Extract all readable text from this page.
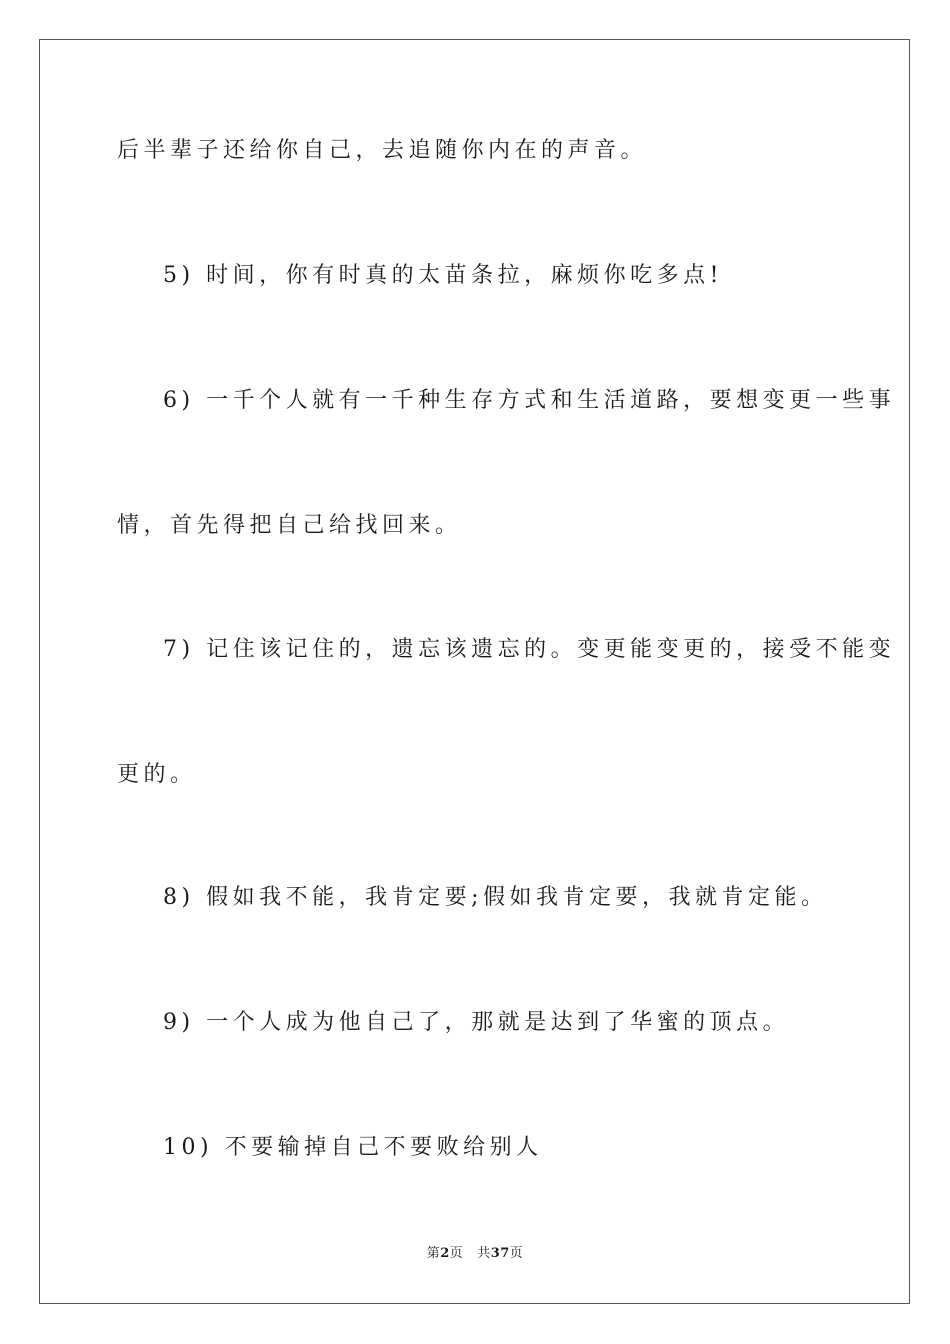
后半辈子还给你自己，去追随你内在的声音。
5) 时间，你有时真的太苗条拉，麻烦你吃多点!
6) 一千个人就有一千种生存方式和生活道路，要想变更一些事
情，首先得把自己给找回来。
7) 记住该记住的，遗忘该遗忘的。变更能变更的，接受不能变
更的。
8) 假如我不能，我肯定要;假如我肯定要，我就肯定能。
9) 一个人成为他自己了，那就是达到了华蜜的顶点。
10) 不要输掉自己不要败给别人
第2页 共37页
